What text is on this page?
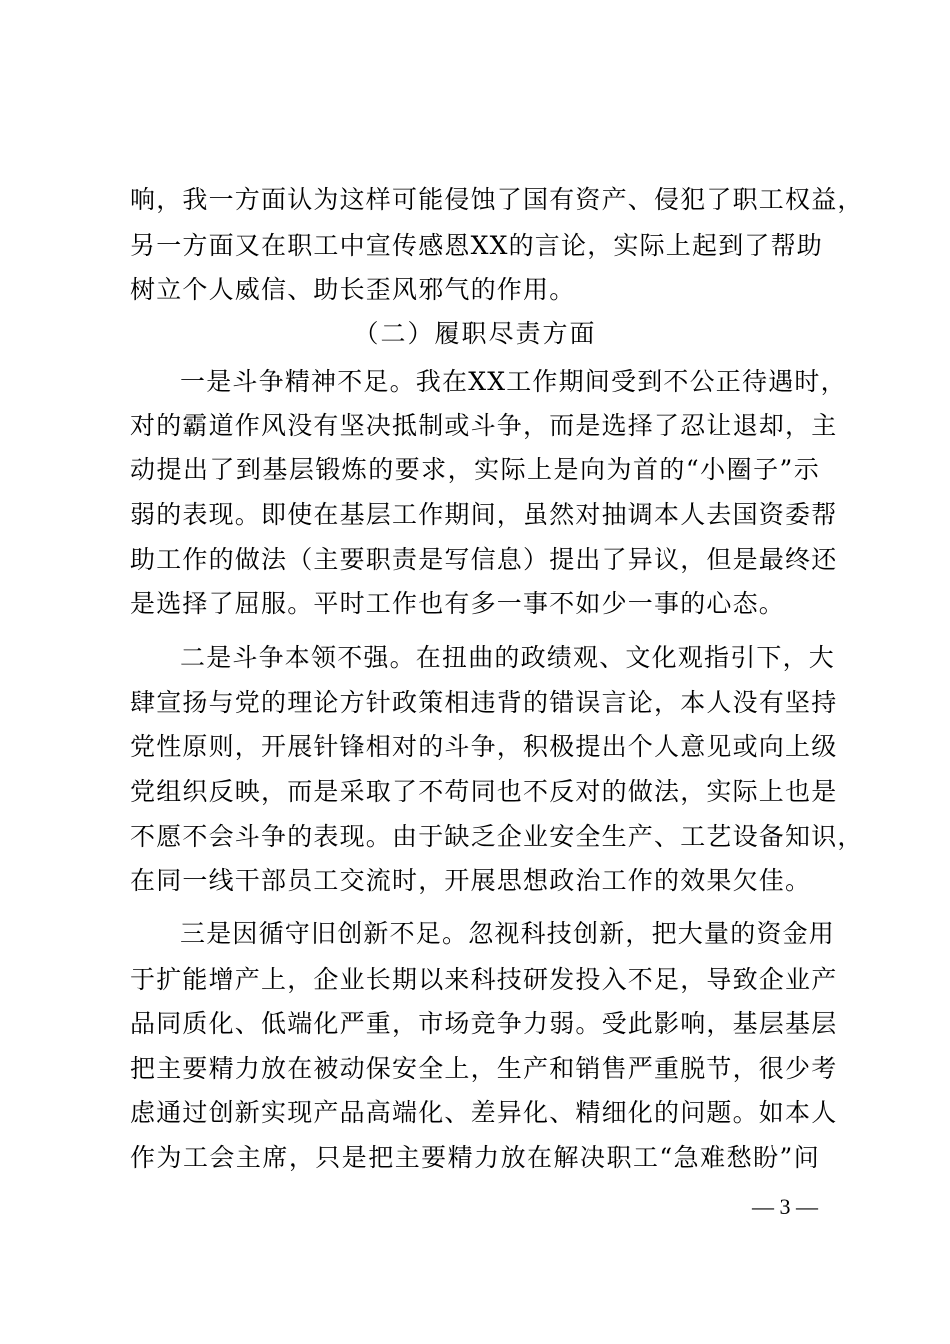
响，我一方面认为这样可能侵蚀了国有资产、侵犯了职工权益，
另一方面又在职工中宣传感恩XX的言论，实际上起到了帮助
树立个人威信、助长歪风邪气的作用。
（二）履职尽责方面
一是斗争精神不足。我在XX工作期间受到不公正待遇时，
对的霸道作风没有坚决抵制或斗争，而是选择了忍让退却，主
动提出了到基层锻炼的要求，实际上是向为首的“小圈子”示
弱的表现。即使在基层工作期间，虽然对抽调本人去国资委帮
助工作的做法（主要职责是写信息）提出了异议，但是最终还
是选择了屈服。平时工作也有多一事不如少一事的心态。
二是斗争本领不强。在扭曲的政绩观、文化观指引下，大
肆宣扬与党的理论方针政策相违背的错误言论，本人没有坚持
党性原则，开展针锋相对的斗争，积极提出个人意见或向上级
党组织反映，而是采取了不苟同也不反对的做法，实际上也是
不愿不会斗争的表现。由于缺乏企业安全生产、工艺设备知识，
在同一线干部员工交流时，开展思想政治工作的效果欠佳。
三是因循守旧创新不足。忽视科技创新，把大量的资金用
于扩能增产上，企业长期以来科技研发投入不足，导致企业产
品同质化、低端化严重，市场竞争力弱。受此影响，基层基层
把主要精力放在被动保安全上，生产和销售严重脱节，很少考
虑通过创新实现产品高端化、差异化、精细化的问题。如本人
作为工会主席，只是把主要精力放在解决职工“急难愁盼”问
— 3 —
